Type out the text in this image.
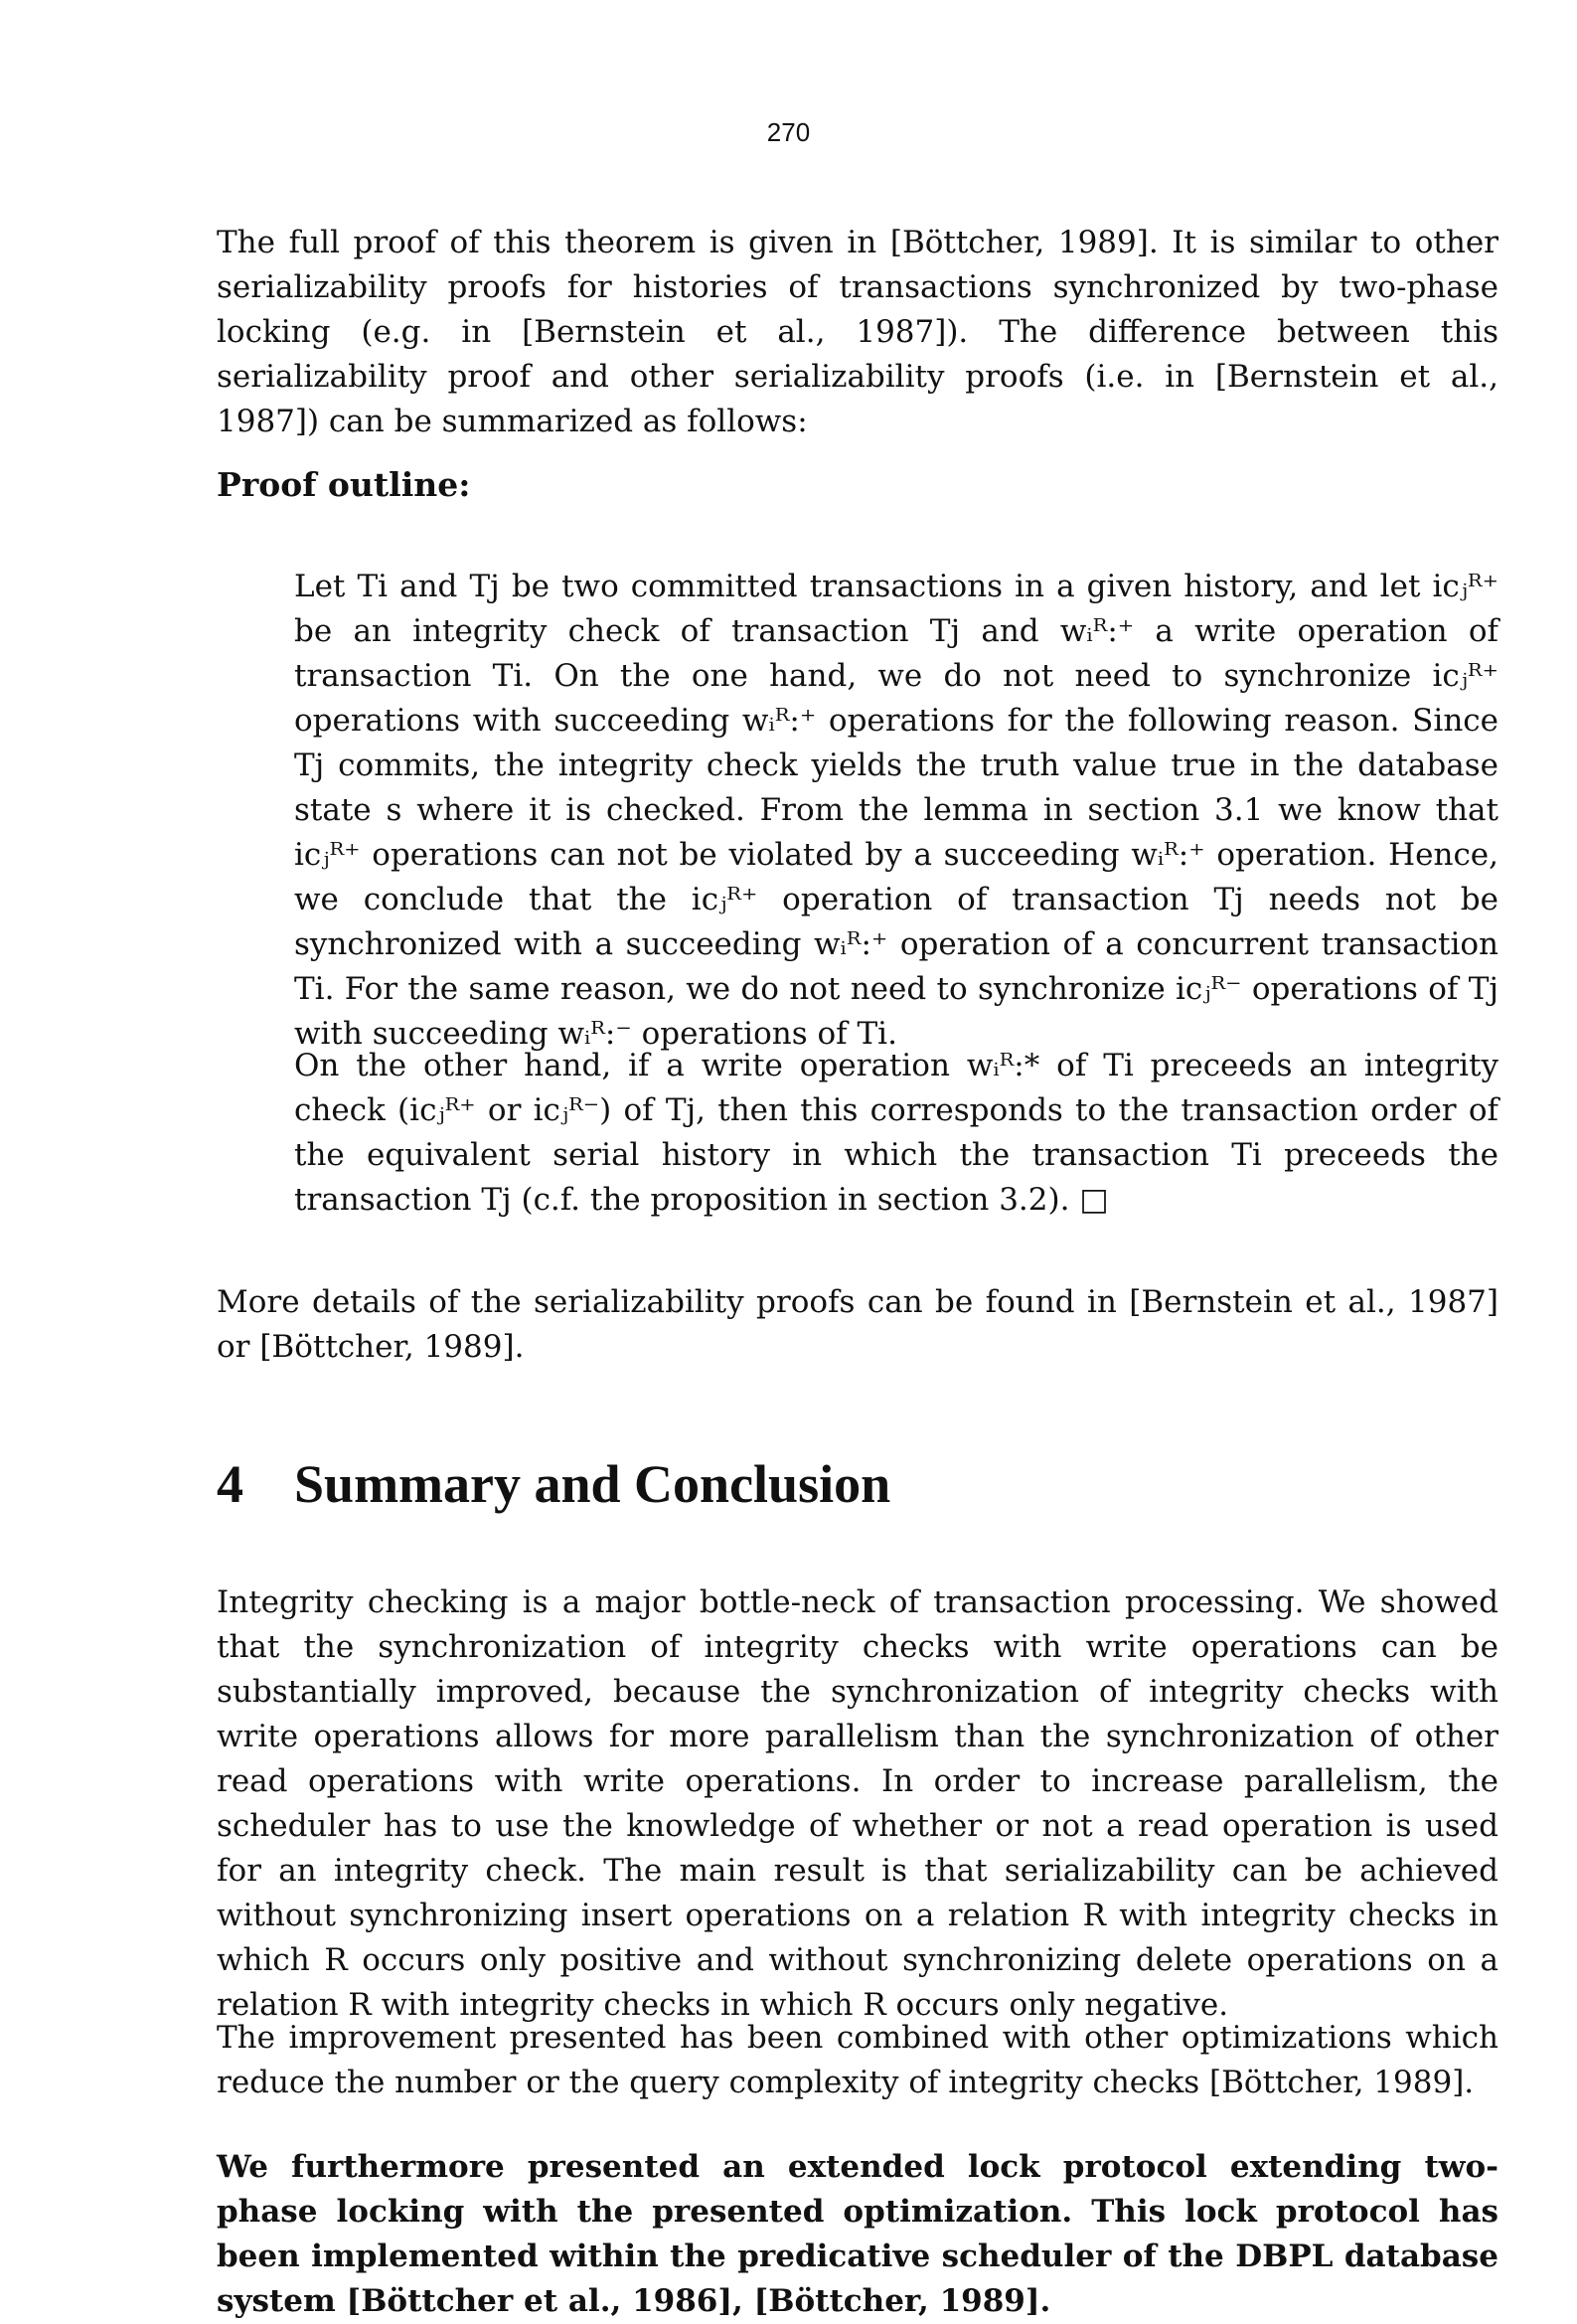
270

The full proof of this theorem is given in [Böttcher, 1989]. It is similar to other serializability proofs for histories of transactions synchronized by two-phase locking (e.g. in [Bernstein et al., 1987]). The difference between this serializability proof and other serializability proofs (i.e. in [Bernstein et al., 1987]) can be summarized as follows:

Proof outline:

Let Ti and Tj be two committed transactions in a given history, and let icⱼᴿ⁺ be an integrity check of transaction Tj and wᵢᴿ:⁺ a write operation of transaction Ti. On the one hand, we do not need to synchronize icⱼᴿ⁺ operations with succeeding wᵢᴿ:⁺ operations for the following reason. Since Tj commits, the integrity check yields the truth value true in the database state s where it is checked. From the lemma in section 3.1 we know that icⱼᴿ⁺ operations can not be violated by a succeeding wᵢᴿ:⁺ operation. Hence, we conclude that the icⱼᴿ⁺ operation of transaction Tj needs not be synchronized with a succeeding wᵢᴿ:⁺ operation of a concurrent transaction Ti. For the same reason, we do not need to synchronize icⱼᴿ⁻ operations of Tj with succeeding wᵢᴿ:⁻ operations of Ti.

On the other hand, if a write operation wᵢᴿ:* of Ti preceeds an integrity check (icⱼᴿ⁺ or icⱼᴿ⁻) of Tj, then this corresponds to the transaction order of the equivalent serial history in which the transaction Ti preceeds the transaction Tj (c.f. the proposition in section 3.2). □

More details of the serializability proofs can be found in [Bernstein et al., 1987] or [Böttcher, 1989].

4 Summary and Conclusion

Integrity checking is a major bottle-neck of transaction processing. We showed that the synchronization of integrity checks with write operations can be substantially improved, because the synchronization of integrity checks with write operations allows for more parallelism than the synchronization of other read operations with write operations. In order to increase parallelism, the scheduler has to use the knowledge of whether or not a read operation is used for an integrity check. The main result is that serializability can be achieved without synchronizing insert operations on a relation R with integrity checks in which R occurs only positive and without synchronizing delete operations on a relation R with integrity checks in which R occurs only negative.

The improvement presented has been combined with other optimizations which reduce the number or the query complexity of integrity checks [Böttcher, 1989].

We furthermore presented an extended lock protocol extending two-phase locking with the presented optimization. This lock protocol has been implemented within the predicative scheduler of the DBPL database system [Böttcher et al., 1986], [Böttcher, 1989].
